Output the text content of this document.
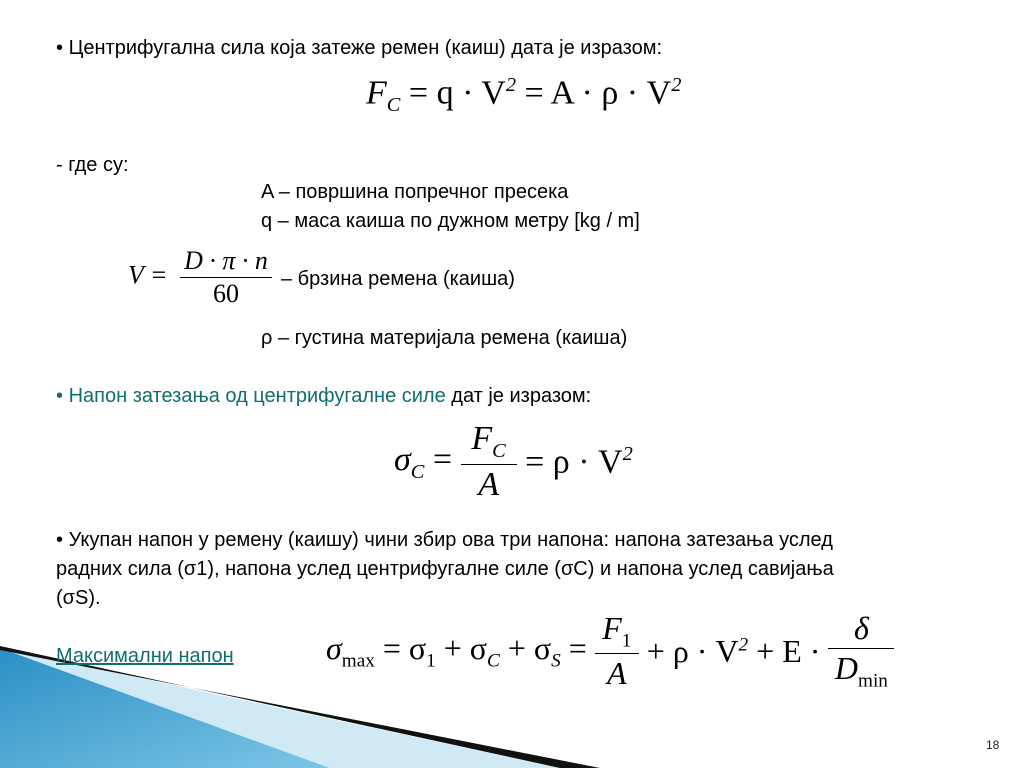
• Центрифугална сила која затеже ремен (каиш) дата је изразом:
$F_C = q \cdot V^2 = A \cdot \rho \cdot V^2$
- где су:
A – површина попречног пресека
q – маса каиша по дужном метру [kg / m]
$V = \frac{D \cdot \pi \cdot n}{60}$ – брзина ремена (каиша)
ρ – густина материјала ремена (каиша)
• Напон затезања од центрифугалне силе дат је изразом:
$\sigma_C = \frac{F_C}{A} = \rho \cdot V^2$
• Укупан напон у ремену (каишу) чини збир ова три напона: напона затезања услед
радних сила (σ1), напона услед центрифугалне силе (σC) и напона услед савијања
(σS).
Максимални напон	$\sigma_{max} = \sigma_1 + \sigma_C + \sigma_S = \frac{F_1}{A} + \rho \cdot V^2 + E \cdot \frac{\delta}{D_{min}}$
18
